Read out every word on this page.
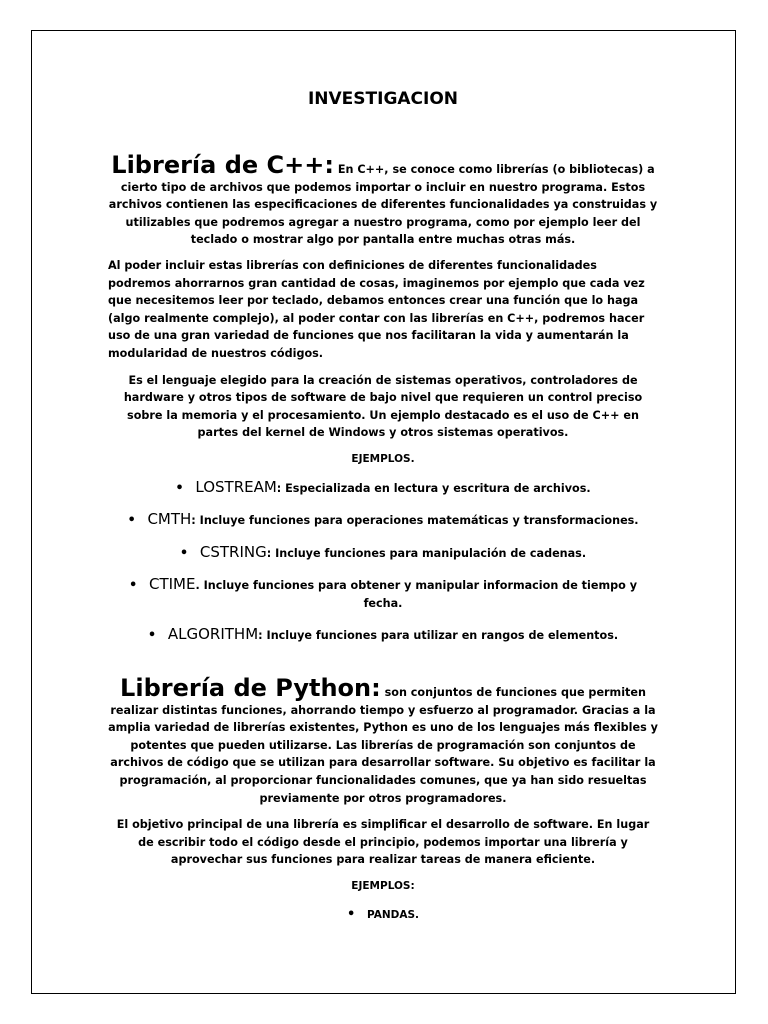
INVESTIGACION

Librería de C++: En C++, se conoce como librerías (o bibliotecas) a cierto tipo de archivos que podemos importar o incluir en nuestro programa. Estos archivos contienen las especificaciones de diferentes funcionalidades ya construidas y utilizables que podremos agregar a nuestro programa, como por ejemplo leer del teclado o mostrar algo por pantalla entre muchas otras más.

Al poder incluir estas librerías con definiciones de diferentes funcionalidades podremos ahorrarnos gran cantidad de cosas, imaginemos por ejemplo que cada vez que necesitemos leer por teclado, debamos entonces crear una función que lo haga (algo realmente complejo), al poder contar con las librerías en C++, podremos hacer uso de una gran variedad de funciones que nos facilitaran la vida y aumentarán la modularidad de nuestros códigos.

Es el lenguaje elegido para la creación de sistemas operativos, controladores de hardware y otros tipos de software de bajo nivel que requieren un control preciso sobre la memoria y el procesamiento. Un ejemplo destacado es el uso de C++ en partes del kernel de Windows y otros sistemas operativos.

EJEMPLOS.
• LOSTREAM: Especializada en lectura y escritura de archivos.
• CMTH: Incluye funciones para operaciones matemáticas y transformaciones.
• CSTRING: Incluye funciones para manipulación de cadenas.
• CTIME. Incluye funciones para obtener y manipular informacion de tiempo y fecha.
• ALGORITHM: Incluye funciones para utilizar en rangos de elementos.

Librería de Python: son conjuntos de funciones que permiten realizar distintas funciones, ahorrando tiempo y esfuerzo al programador. Gracias a la amplia variedad de librerías existentes, Python es uno de los lenguajes más flexibles y potentes que pueden utilizarse. Las librerías de programación son conjuntos de archivos de código que se utilizan para desarrollar software. Su objetivo es facilitar la programación, al proporcionar funcionalidades comunes, que ya han sido resueltas previamente por otros programadores.

El objetivo principal de una librería es simplificar el desarrollo de software. En lugar de escribir todo el código desde el principio, podemos importar una librería y aprovechar sus funciones para realizar tareas de manera eficiente.

EJEMPLOS:
• PANDAS.
